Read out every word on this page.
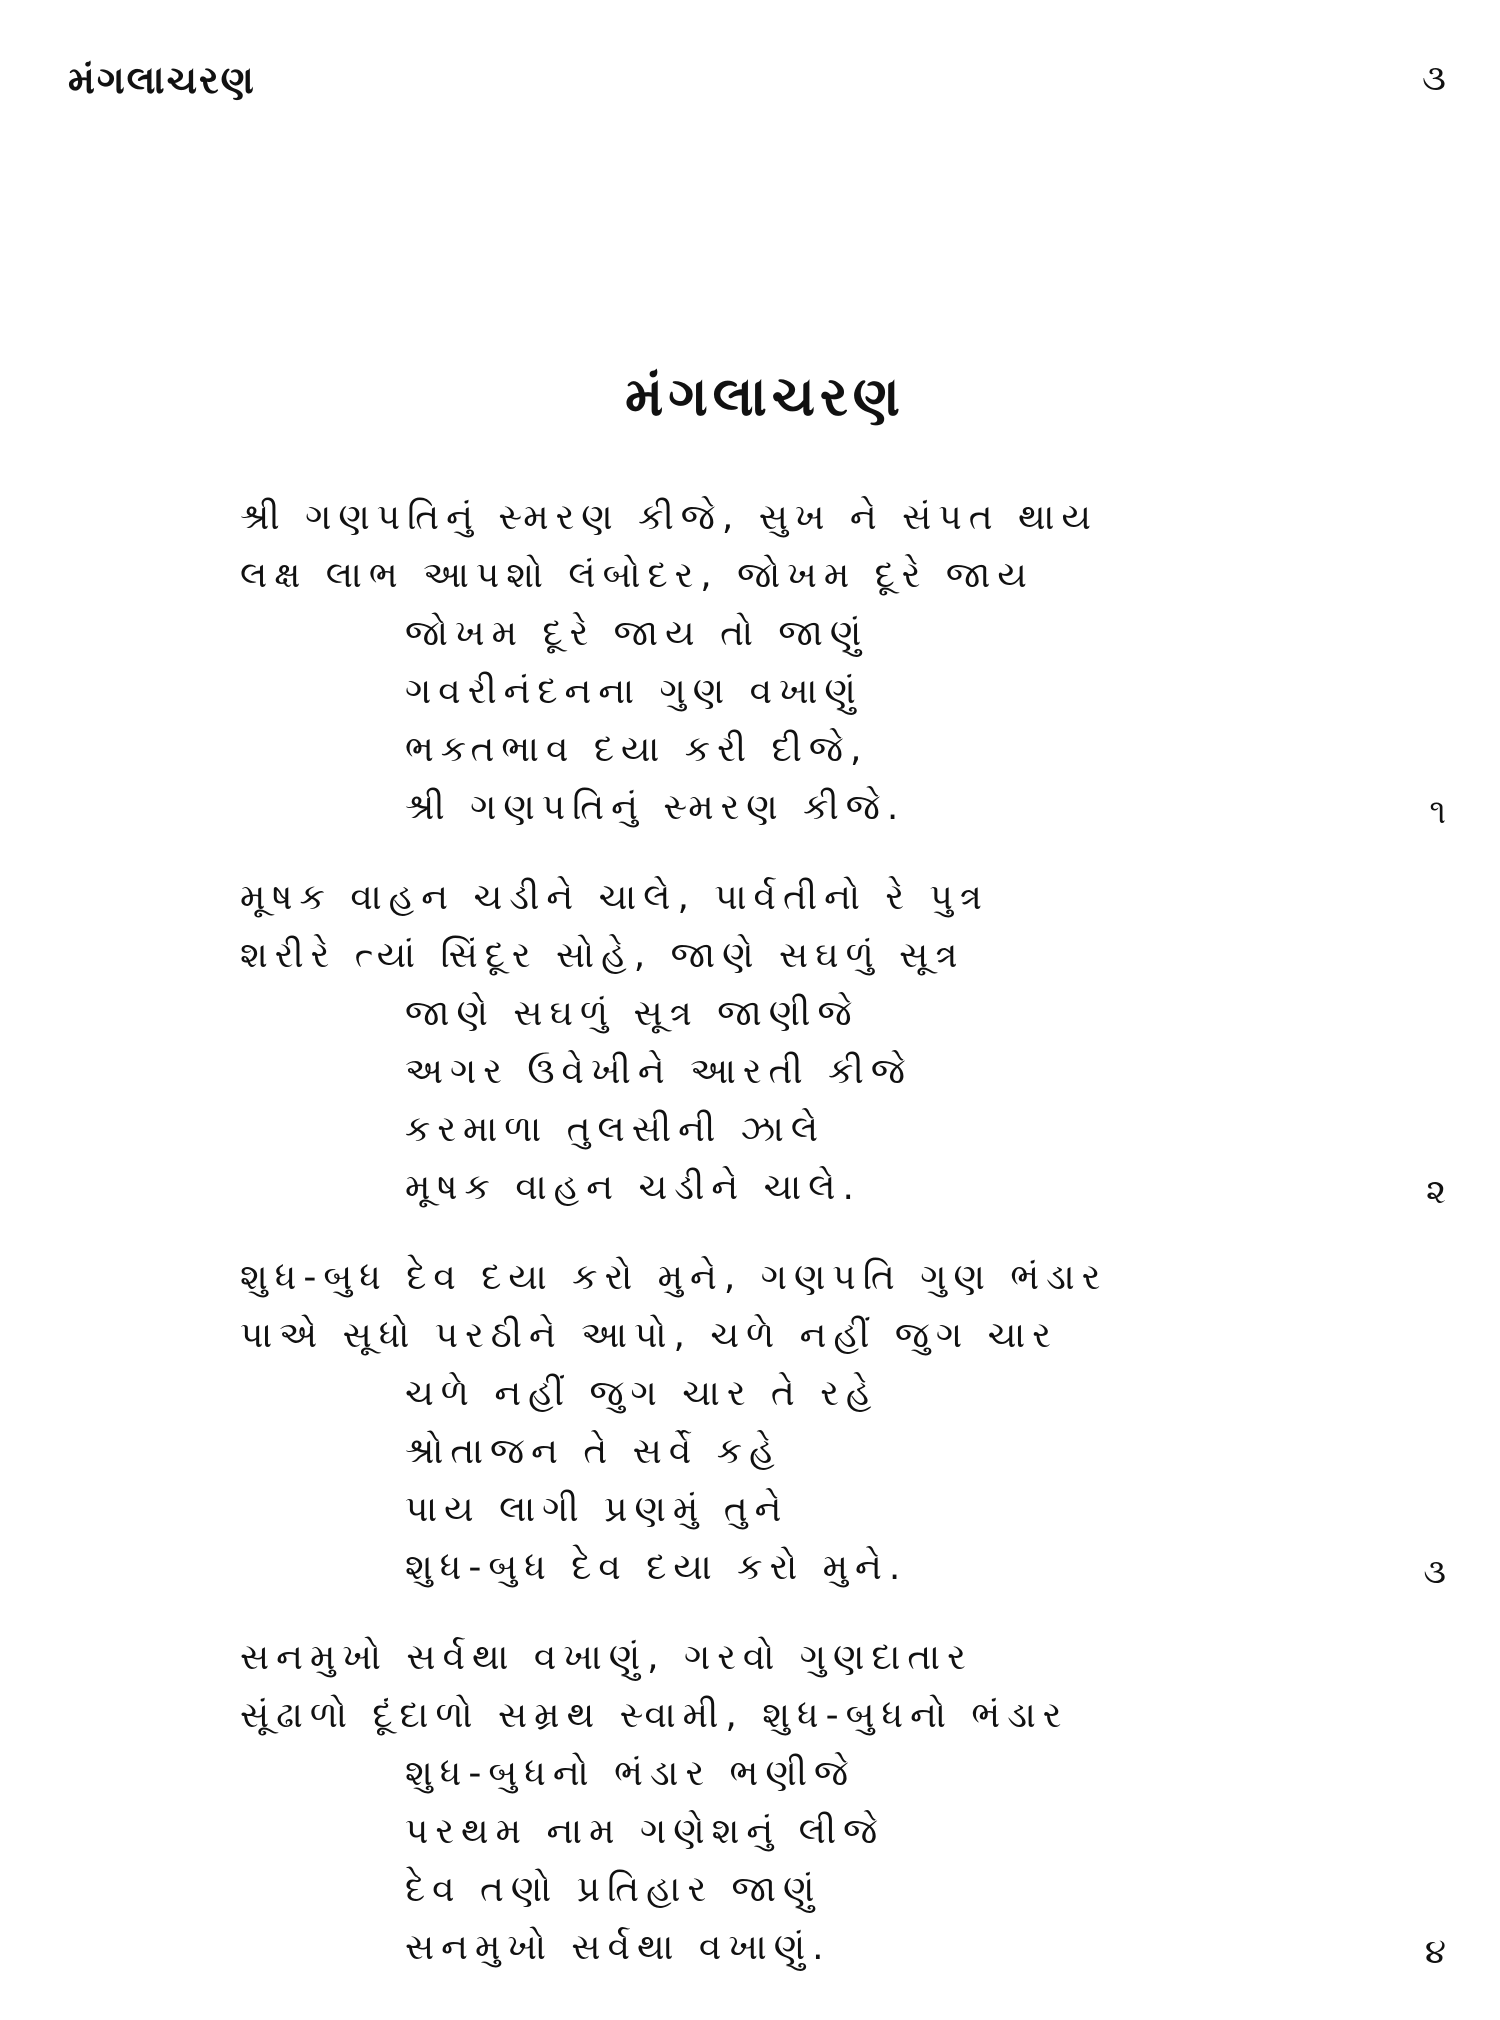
મંગલાચરણ	૩
મંગલાચરણ
શ્રી ગણપતિનું સ્મરણ કીજે, સુખ ને સંપત થાય
લક્ષ લાભ આપશો લંબોદર, જોખમ દૂરે જાય
જોખમ દૂરે જાય તો જાણું
ગવરીનંદનના ગુણ વખાણું
ભક્તભાવ દયા કરી દીજે,
શ્રી ગણપતિનું સ્મરણ કીજે.	૧
મૂષક વાહન ચડીને ચાલે, પાર્વતીનો રે પુત્ર
શરીરે ત્યાં સિંદૂર સોહે, જાણે સઘળું સૂત્ર
જાણે સઘળું સૂત્ર જાણીજે
અગર ઉવેખીને આરતી કીજે
કરમાળા તુલસીની ઝાલે
મૂષક વાહન ચડીને ચાલે.	૨
શુધ-બુધ દેવ દયા કરો મુને, ગણપતિ ગુણ ભંડાર
પાએ સૂધો પરઠીને આપો, ચળે નહીં જુગ ચાર
ચળે નહીં જુગ ચાર તે રહે
શ્રોતાજન તે સર્વે કહે
પાય લાગી પ્રણમું તુને
શુધ-બુધ દેવ દયા કરો મુને.	૩
સનમુખો સર્વથા વખાણું, ગરવો ગુણદાતાર
સૂંઢાળો દૂંદાળો સમ્રથ સ્વામી, શુધ-બુધનો ભંડાર
શુધ-બુધનો ભંડાર ભણીજે
પરથમ નામ ગણેશનું લીજે
દેવ તણો પ્રતિહાર જાણું
સનમુખો સર્વથા વખાણું.	૪
